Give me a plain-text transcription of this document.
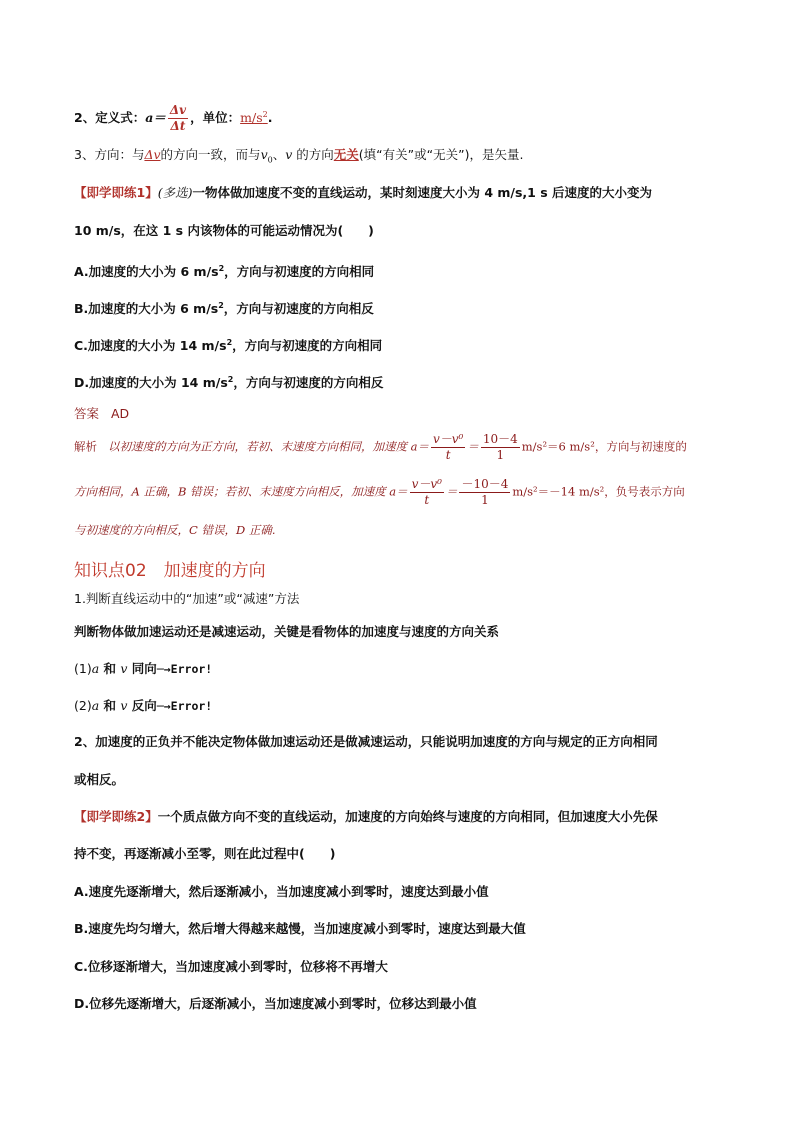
2、定义式：$a= \frac{\Delta v}{\Delta t}$ ，单位：$m/s^2$.
3、方向：与Δv的方向一致，而与$v_0$、v 的方向无关(填“有关”或“无关”)，是矢量.
【即学即练1】(多选)一物体做加速度不变的直线运动，某时刻速度大小为 4 m/s,1 s 后速度的大小变为
10 m/s，在这 1 s 内该物体的可能运动情况为(　　)
A.加速度的大小为 6 $m/s^2$，方向与初速度的方向相同
B.加速度的大小为 6 $m/s^2$，方向与初速度的方向相反
C.加速度的大小为 14 $m/s^2$，方向与初速度的方向相同
D.加速度的大小为 14 $m/s^2$，方向与初速度的方向相反
答案 AD
解析 以初速度的方向为正方向，若初、末速度方向相同，加速度 $a= \frac{\text{v－v⁰}}{t} = \frac{10-4}{1} m/s^2=6$ m/s²，方向与初速度的
方向相同，A 正确，B 错误；若初、末速度方向相反，加速度 $a= \frac{\text{v－v⁰}}{t} = \frac{-10-4}{1} m/s^2=-14$ m/s²，负号表示方向
与初速度的方向相反，C 错误，D 正确.
知识点02　加速度的方向
1.判断直线运动中的“加速”或“减速”方法
判断物体做加速运动还是减速运动，关键是看物体的加速度与速度的方向关系
(1)a 和 v 同向─→Error!
(2)a 和 v 反向─→Error!
2、加速度的正负并不能决定物体做加速运动还是做减速运动，只能说明加速度的方向与规定的正方向相同
或相反。
【即学即练2】一个质点做方向不变的直线运动，加速度的方向始终与速度的方向相同，但加速度大小先保
持不变，再逐渐减小至零，则在此过程中(　　)
A.速度先逐渐增大，然后逐渐减小，当加速度减小到零时，速度达到最小值
B.速度先均匀增大，然后增大得越来越慢，当加速度减小到零时，速度达到最大值
C.位移逐渐增大，当加速度减小到零时，位移将不再增大
D.位移先逐渐增大，后逐渐减小，当加速度减小到零时，位移达到最小值
